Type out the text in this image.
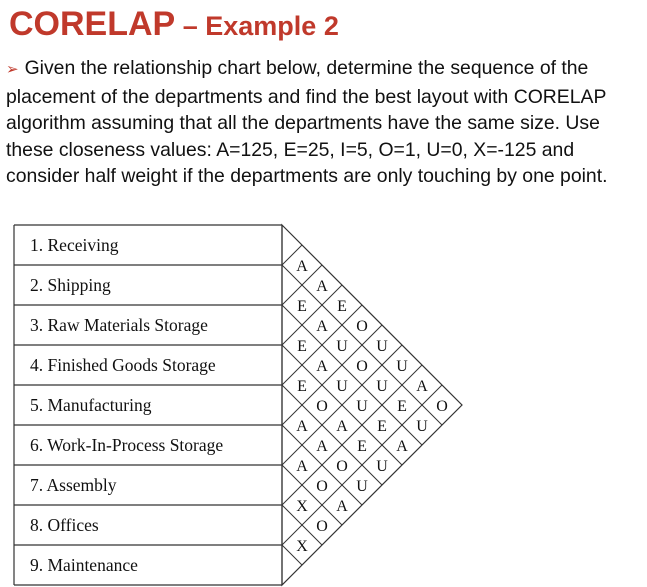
CORELAP – Example 2

➢ Given the relationship chart below, determine the sequence of the placement of the departments and find the best layout with CORELAP algorithm assuming that all the departments have the same size. Use these closeness values: A=125, E=25, I=5, O=1, U=0, X=-125 and consider half weight if the departments are only touching by one point.

1. Receiving
2. Shipping
3. Raw Materials Storage
4. Finished Goods Storage
5. Manufacturing
6. Work-In-Process Storage
7. Assembly
8. Offices
9. Maintenance
A
A
E
O
U
U
A
O
E
A
U
O
U
E
U
E
A
U
U
E
A
E
O
A
E
U
A
A
O
U
A
O
A
X
O
X
